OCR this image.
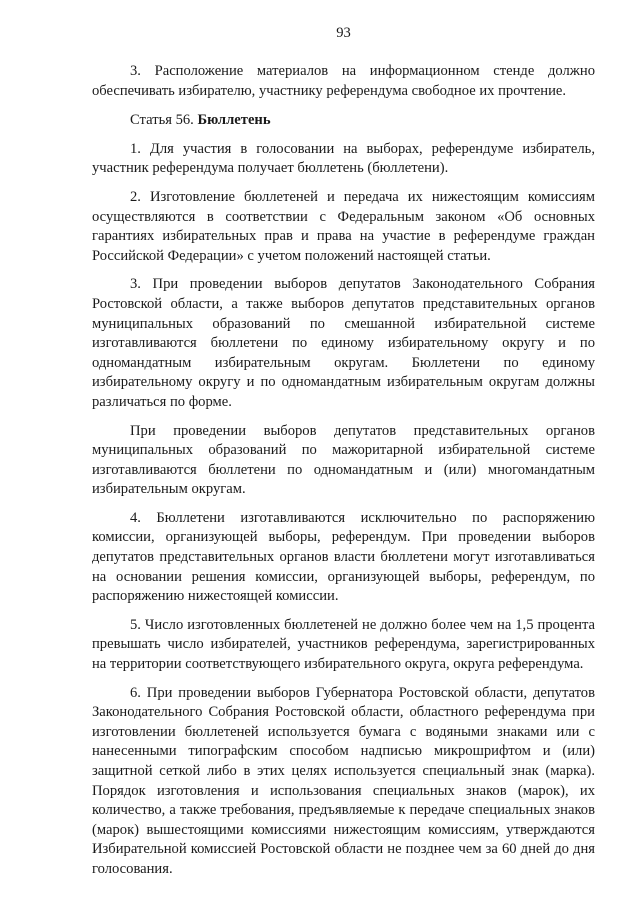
93

3. Расположение материалов на информационном стенде должно обеспечивать избирателю, участнику референдума свободное их прочтение.

Статья 56. Бюллетень

1. Для участия в голосовании на выборах, референдуме избиратель, участник референдума получает бюллетень (бюллетени).

2. Изготовление бюллетеней и передача их нижестоящим комиссиям осуществляются в соответствии с Федеральным законом «Об основных гарантиях избирательных прав и права на участие в референдуме граждан Российской Федерации» с учетом положений настоящей статьи.

3. При проведении выборов депутатов Законодательного Собрания Ростовской области, а также выборов депутатов представительных органов муниципальных образований по смешанной избирательной системе изготавливаются бюллетени по единому избирательному округу и по одномандатным избирательным округам. Бюллетени по единому избирательному округу и по одномандатным избирательным округам должны различаться по форме.

При проведении выборов депутатов представительных органов муниципальных образований по мажоритарной избирательной системе изготавливаются бюллетени по одномандатным и (или) многомандатным избирательным округам.

4. Бюллетени изготавливаются исключительно по распоряжению комиссии, организующей выборы, референдум. При проведении выборов депутатов представительных органов власти бюллетени могут изготавливаться на основании решения комиссии, организующей выборы, референдум, по распоряжению нижестоящей комиссии.

5. Число изготовленных бюллетеней не должно более чем на 1,5 процента превышать число избирателей, участников референдума, зарегистрированных на территории соответствующего избирательного округа, округа референдума.

6. При проведении выборов Губернатора Ростовской области, депутатов Законодательного Собрания Ростовской области, областного референдума при изготовлении бюллетеней используется бумага с водяными знаками или с нанесенными типографским способом надписью микрошрифтом и (или) защитной сеткой либо в этих целях используется специальный знак (марка). Порядок изготовления и использования специальных знаков (марок), их количество, а также требования, предъявляемые к передаче специальных знаков (марок) вышестоящими комиссиями нижестоящим комиссиям, утверждаются Избирательной комиссией Ростовской области не позднее чем за 60 дней до дня голосования.
